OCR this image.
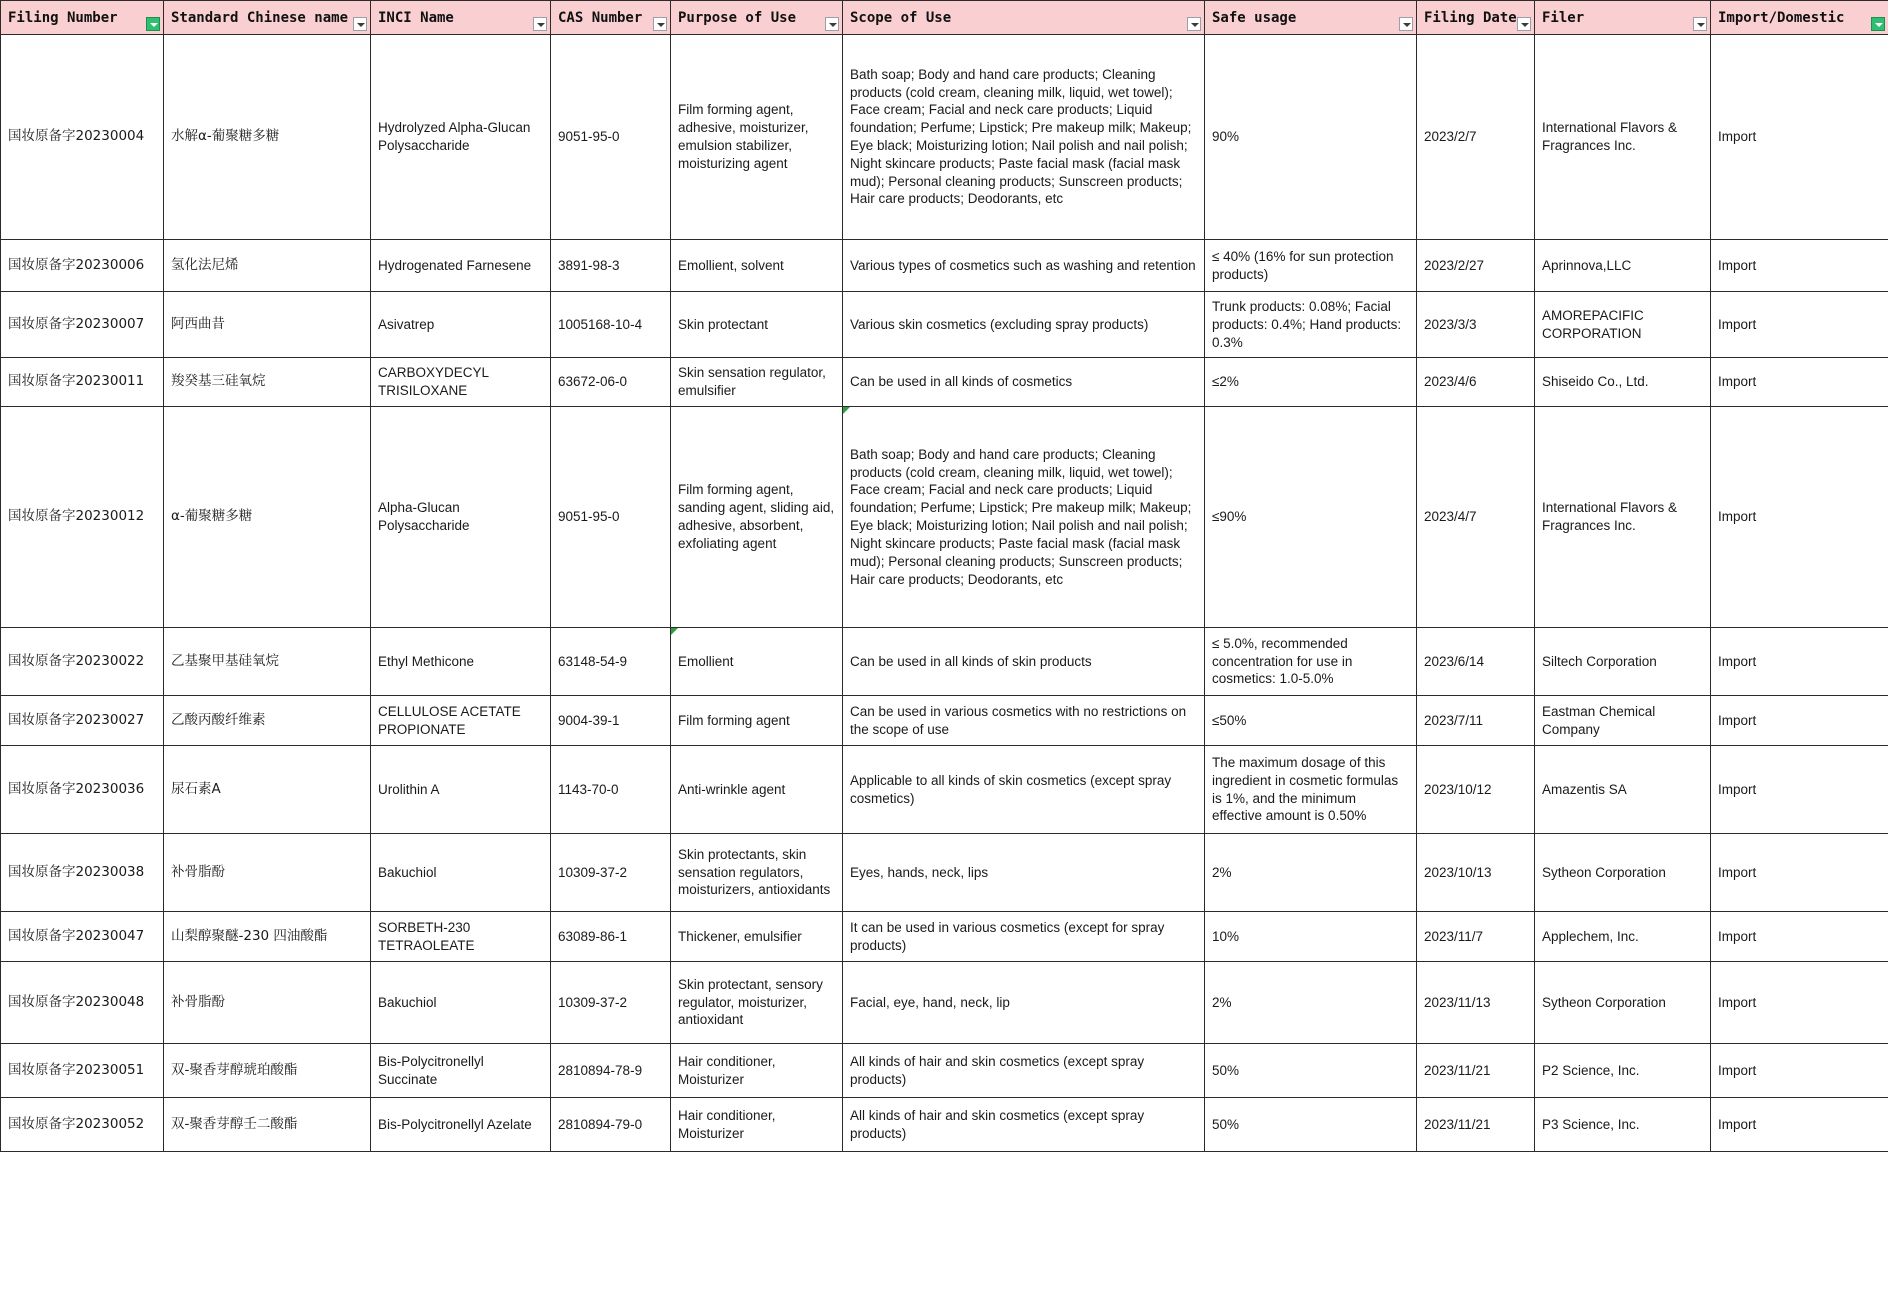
Filing Number	Standard Chinese name	INCI Name	CAS Number	Purpose of Use	Scope of Use	Safe usage	Filing Date	Filer	Import/Domestic

国妆原备字20230004	水解α-葡聚糖多糖	Hydrolyzed Alpha-Glucan Polysaccharide	9051-95-0	Film forming agent, adhesive, moisturizer, emulsion stabilizer, moisturizing agent	Bath soap; Body and hand care products; Cleaning products (cold cream, cleaning milk, liquid, wet towel); Face cream; Facial and neck care products; Liquid foundation; Perfume; Lipstick; Pre makeup milk; Makeup; Eye black; Moisturizing lotion; Nail polish and nail polish; Night skincare products; Paste facial mask (facial mask mud); Personal cleaning products; Sunscreen products; Hair care products; Deodorants, etc	90%	2023/2/7	International Flavors & Fragrances Inc.	Import

国妆原备字20230006	氢化法尼烯	Hydrogenated Farnesene	3891-98-3	Emollient, solvent	Various types of cosmetics such as washing and retention	≤ 40% (16% for sun protection products)	2023/2/27	Aprinnova,LLC	Import

国妆原备字20230007	阿西曲昔	Asivatrep	1005168-10-4	Skin protectant	Various skin cosmetics (excluding spray products)	Trunk products: 0.08%; Facial products: 0.4%; Hand products: 0.3%	2023/3/3	AMOREPACIFIC CORPORATION	Import

国妆原备字20230011	羧癸基三硅氧烷	CARBOXYDECYL TRISILOXANE	63672-06-0	Skin sensation regulator, emulsifier	Can be used in all kinds of cosmetics	≤2%	2023/4/6	Shiseido Co., Ltd.	Import

国妆原备字20230012	α-葡聚糖多糖	Alpha-Glucan Polysaccharide	9051-95-0	Film forming agent, sanding agent, sliding aid, adhesive, absorbent, exfoliating agent	Bath soap; Body and hand care products; Cleaning products (cold cream, cleaning milk, liquid, wet towel); Face cream; Facial and neck care products; Liquid foundation; Perfume; Lipstick; Pre makeup milk; Makeup; Eye black; Moisturizing lotion; Nail polish and nail polish; Night skincare products; Paste facial mask (facial mask mud); Personal cleaning products; Sunscreen products; Hair care products; Deodorants, etc	≤90%	2023/4/7	International Flavors & Fragrances Inc.	Import

国妆原备字20230022	乙基聚甲基硅氧烷	Ethyl Methicone	63148-54-9	Emollient	Can be used in all kinds of skin products	≤ 5.0%, recommended concentration for use in cosmetics: 1.0-5.0%	2023/6/14	Siltech Corporation	Import

国妆原备字20230027	乙酸丙酸纤维素	CELLULOSE ACETATE PROPIONATE	9004-39-1	Film forming agent	Can be used in various cosmetics with no restrictions on the scope of use	≤50%	2023/7/11	Eastman Chemical Company	Import

国妆原备字20230036	尿石素A	Urolithin A	1143-70-0	Anti-wrinkle agent	Applicable to all kinds of skin cosmetics (except spray cosmetics)	The maximum dosage of this ingredient in cosmetic formulas is 1%, and the minimum effective amount is 0.50%	2023/10/12	Amazentis SA	Import

国妆原备字20230038	补骨脂酚	Bakuchiol	10309-37-2	Skin protectants, skin sensation regulators, moisturizers, antioxidants	Eyes, hands, neck, lips	2%	2023/10/13	Sytheon Corporation	Import

国妆原备字20230047	山梨醇聚醚-230 四油酸酯	SORBETH-230 TETRAOLEATE	63089-86-1	Thickener, emulsifier	It can be used in various cosmetics (except for spray products)	10%	2023/11/7	Applechem, Inc.	Import

国妆原备字20230048	补骨脂酚	Bakuchiol	10309-37-2	Skin protectant, sensory regulator, moisturizer, antioxidant	Facial, eye, hand, neck, lip	2%	2023/11/13	Sytheon Corporation	Import

国妆原备字20230051	双-聚香芽醇琥珀酸酯	Bis-Polycitronellyl Succinate	2810894-78-9	Hair conditioner, Moisturizer	All kinds of hair and skin cosmetics (except spray products)	50%	2023/11/21	P2 Science, Inc.	Import

国妆原备字20230052	双-聚香芽醇壬二酸酯	Bis-Polycitronellyl Azelate	2810894-79-0	Hair conditioner, Moisturizer	All kinds of hair and skin cosmetics (except spray products)	50%	2023/11/21	P3 Science, Inc.	Import
